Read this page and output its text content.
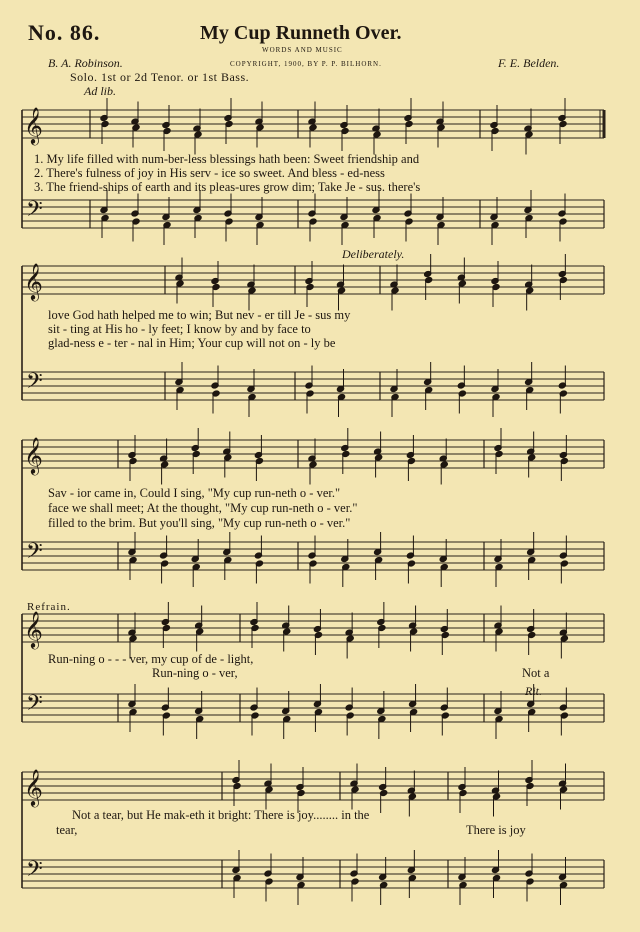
No. 86.	My Cup Runneth Over.
WORDS AND MUSIC
COPYRIGHT, 1900, BY P. P. BILHORN.
B. A. Robinson.	F. E. Belden.
Solo. 1st or 2d Tenor. or 1st Bass.
Ad lib.
Deliberately.
Refrain.
Rit.
1. My life filled with num-ber-less blessings hath been: Sweet friendship and
2. There's fulness of joy in His serv - ice so sweet. And bless - ed-ness
3. The friend-ships of earth and its pleas-ures grow dim; Take Je - sus. there's
love God hath helped me to win; But nev - er till Je - sus my
sit - ting at His ho - ly feet; I know by and by face to
glad-ness e - ter - nal in Him; Your cup will not on - ly be
Sav - ior came in, Could I sing, "My cup run-neth o - ver."
face we shall meet; At the thought, "My cup run-neth o - ver."
filled to the brim. But you'll sing, "My cup run-neth o - ver."
Run-ning o - - - ver, my cup of de - light,
Run-ning o - ver,	Not a
Not a tear, but He mak-eth it bright: There is joy........ in the
tear,	There is joy
𝄞
𝄢
𝄞
𝄢
𝄞
𝄢
𝄞
𝄢
𝄞
𝄢
